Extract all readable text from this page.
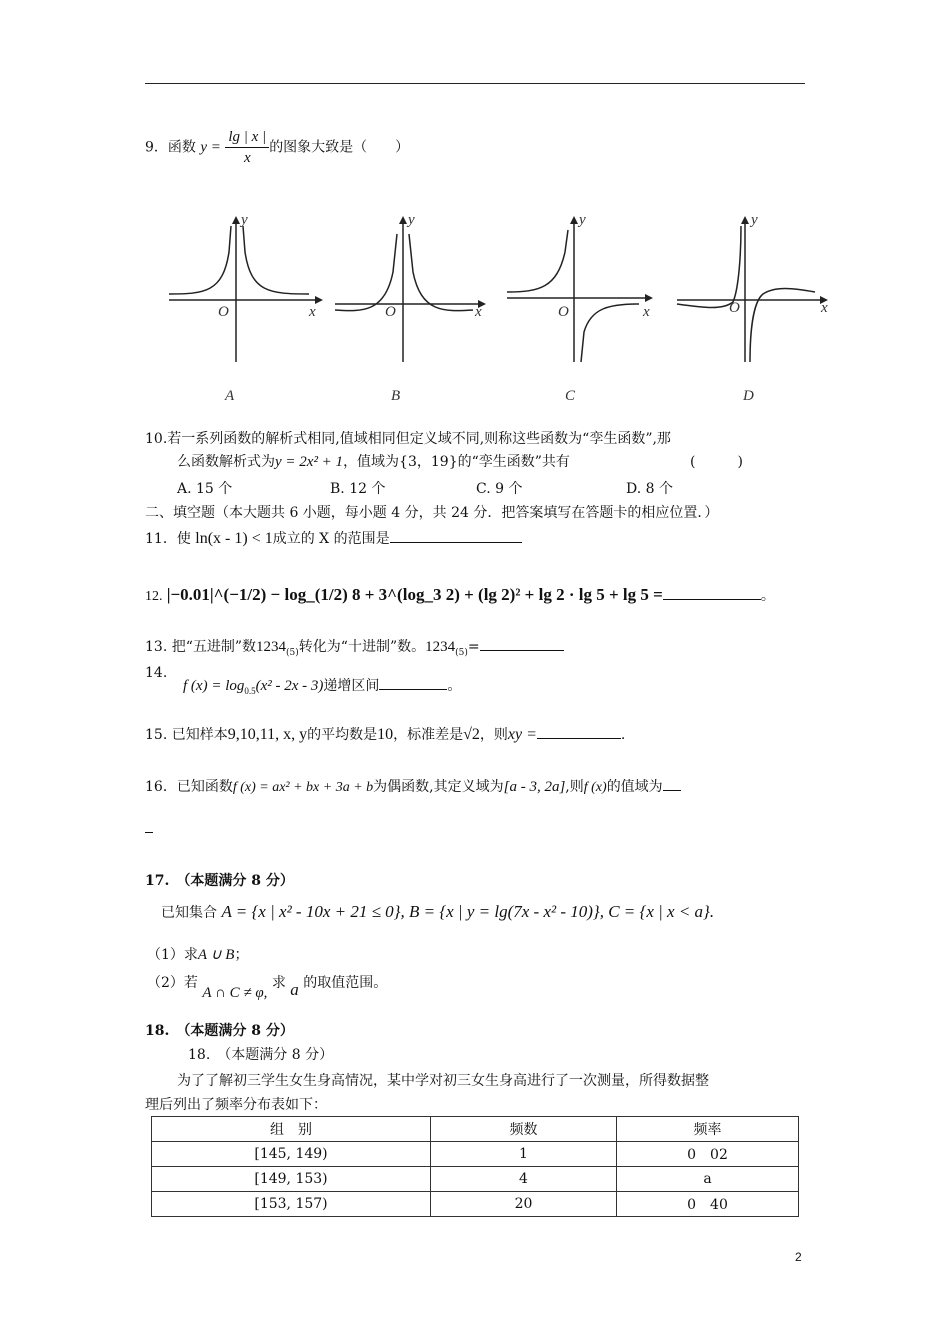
9．函数 $y = \frac{\lg | x |}{x}$ 的图象大致是（　　）
y
O	x
A
y
O	x
B
y
O	x
C
y
O	x
D
10.若一系列函数的解析式相同,值域相同但定义域不同,则称这些函数为“孪生函数”,那
么函数解析式为y = 2x² + 1，值域为{3，19}的“孪生函数”共有	(　　　)
A. 15 个	B. 12 个	C. 9 个	D. 8 个
二、填空题（本大题共 6 小题，每小题 4 分，共 24 分．把答案填写在答题卡的相应位置．）
11．使 ln(x - 1) < 1成立的 X 的范围是
12. |−0.01|^(−1/2) − log_(1/2) 8 + 3^(log_3 2) + (lg 2)² + lg 2 · lg 5 + lg 5 =	。
13. 把“五进制”数$1234_{(5)}$转化为“十进制”数。$1234_{(5)}=$
14.
f $(x) = \log_{0.5}(x^2 - 2x - 3)$递增区间	。
15. 已知样本9,10,11, x, y的平均数是10，标准差是√2，则xy =	.
16．已知函数f (x) = ax² + bx + 3a + b为偶函数,其定义域为[a - 3, 2a],则f (x)的值域为
17.　（本题满分 8 分）
已知集合 A = {x | x² - 10x + 21 ≤ 0}, B = {x | y = lg(7x - x² - 10)}, C = {x | x < a}.
（1）求A ∪ B；
（2）若 A ∩ C ≠ φ, 求 a 的取值范围。
18.　（本题满分 8 分）
18.　（本题满分 8 分）
为了了解初三学生女生身高情况，某中学对初三女生身高进行了一次测量，所得数据整
理后列出了频率分布表如下：
组　别	频数	频率
[145, 149)	1	0　02
[149, 153)	4	a
[153, 157)	20	0　40
2
